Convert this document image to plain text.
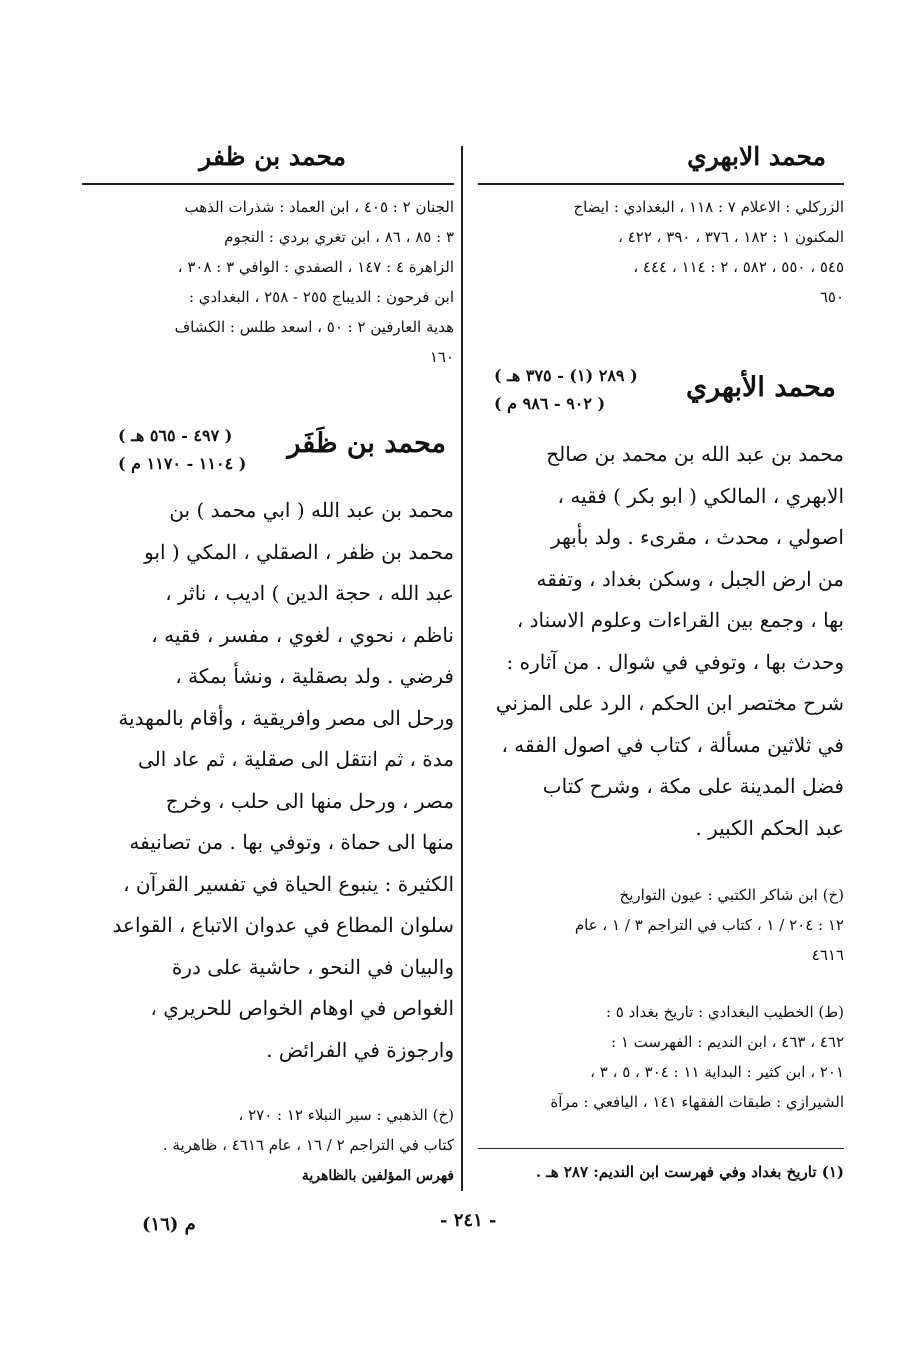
محمد الابهري
محمد بن ظفر

الزركلي : الاعلام ٧ : ١١٨ ، البغدادي : ايضاح

المكنون ١ : ١٨٢ ، ٣٧٦ ، ٣٩٠ ، ٤٢٢ ،

٥٤٥ ، ٥٥٠ ، ٥٨٢ ، ٢ : ١١٤ ، ٤٤٤ ،

٦٥٠

محمد الأبهري
( ٢٨٩ (١) - ٣٧٥ هـ )
( ٩٠٢ - ٩٨٦ م )

محمد بن عبد الله بن محمد بن صالح

الابهري ، المالكي ( ابو بكر ) فقيه ،

اصولي ، محدث ، مقرىء . ولد بأبهر

من ارض الجبل ، وسكن بغداد ، وتفقه

بها ، وجمع بين القراءات وعلوم الاسناد ،

وحدث بها ، وتوفي في شوال . من آثاره :

شرح مختصر ابن الحكم ، الرد على المزني

في ثلاثين مسألة ، كتاب في اصول الفقه ،

فضل المدينة على مكة ، وشرح كتاب

عبد الحكم الكبير .

(خ) ابن شاكر الكتبي : عيون التواريخ

١٢ : ٢٠٤ / ١ ، كتاب في التراجم ٣ / ١ ، عام

٤٦١٦

(ط) الخطيب البغدادي : تاريخ بغداد ٥ :

٤٦٢ ، ٤٦٣ ، ابن النديم : الفهرست ١ :

٢٠١ ، ابن كثير : البداية ١١ : ٣٠٤ ، ٥ ، ٣ ،

الشيرازي : طبقات الفقهاء ١٤١ ، اليافعي : مرآة

(١) تاريخ بغداد وفي فهرست ابن النديم: ٢٨٧ هـ .

الجنان ٢ : ٤٠٥ ، ابن العماد : شذرات الذهب

٣ : ٨٥ ، ٨٦ ، ابن تغري بردي : النجوم

الزاهرة ٤ : ١٤٧ ، الصفدي : الوافي ٣ : ٣٠٨ ،

ابن فرحون : الديباج ٢٥٥ - ٢٥٨ ، البغدادي :

هدية العارفين ٢ : ٥٠ ، اسعد طلس : الكشاف

١٦٠

محمد بن ظَفَر
( ٤٩٧ - ٥٦٥ هـ )
( ١١٠٤ - ١١٧٠ م )

محمد بن عبد الله ( ابي محمد ) بن

محمد بن ظفر ، الصقلي ، المكي ( ابو

عبد الله ، حجة الدين ) اديب ، ناثر ،

ناظم ، نحوي ، لغوي ، مفسر ، فقيه ،

فرضي . ولد بصقلية ، ونشأ بمكة ،

ورحل الى مصر وافريقية ، وأقام بالمهدية

مدة ، ثم انتقل الى صقلية ، ثم عاد الى

مصر ، ورحل منها الى حلب ، وخرج

منها الى حماة ، وتوفي بها . من تصانيفه

الكثيرة : ينبوع الحياة في تفسير القرآن ،

سلوان المطاع في عدوان الاتباع ، القواعد

والبيان في النحو ، حاشية على درة

الغواص في اوهام الخواص للحريري ،

وارجوزة في الفرائض .

(خ) الذهبي : سير النبلاء ١٢ : ٢٧٠ ،

كتاب في التراجم ٢ / ١٦ ، عام ٤٦١٦ ، ظاهرية .

فهرس المؤلفين بالظاهرية
- ٢٤١ -
م (١٦)
